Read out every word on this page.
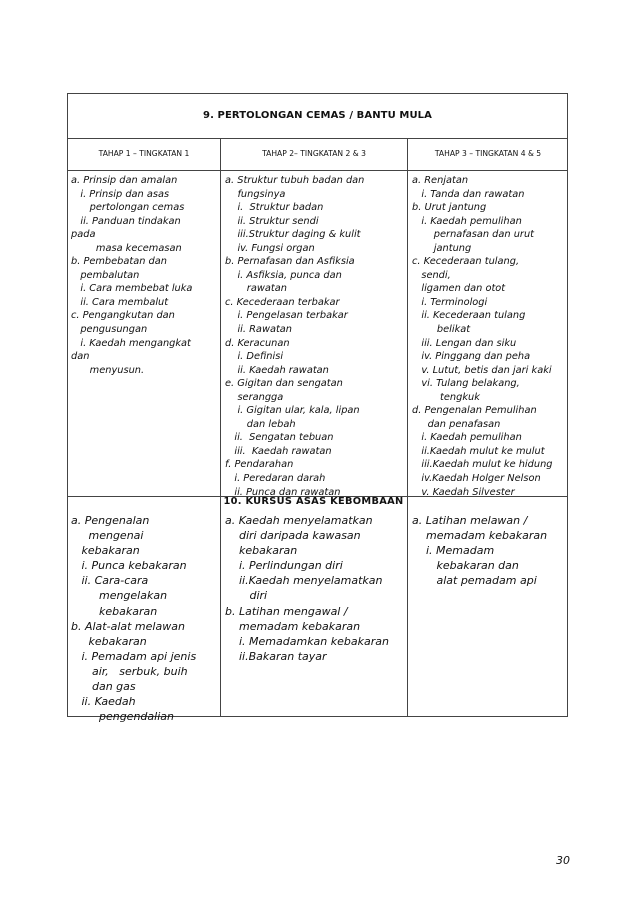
9. PERTOLONGAN CEMAS / BANTU MULA
TAHAP 1 – TINGKATAN 1	TAHAP 2– TINGKATAN 2 & 3	TAHAP 3 – TINGKATAN 4 & 5
a. Prinsip dan amalan
i. Prinsip dan asas
pertolongan cemas
ii. Panduan tindakan
pada
masa kecemasan
b. Pembebatan dan
pembalutan
i. Cara membebat luka
ii. Cara membalut
c. Pengangkutan dan
pengusungan
i. Kaedah mengangkat
dan
menyusun.
a. Struktur tubuh badan dan
fungsinya
i.  Struktur badan
ii. Struktur sendi
iii.Struktur daging & kulit
iv. Fungsi organ
b. Pernafasan dan Asfiksia
i. Asfiksia, punca dan
rawatan
c. Kecederaan terbakar
i. Pengelasan terbakar
ii. Rawatan
d. Keracunan
i. Definisi
ii. Kaedah rawatan
e. Gigitan dan sengatan
serangga
i. Gigitan ular, kala, lipan
dan lebah
ii.  Sengatan tebuan
iii.  Kaedah rawatan
f. Pendarahan
i. Peredaran darah
ii. Punca dan rawatan
a. Renjatan
i. Tanda dan rawatan
b. Urut jantung
i. Kaedah pemulihan
pernafasan dan urut
jantung
c. Kecederaan tulang,
sendi,
ligamen dan otot
i. Terminologi
ii. Kecederaan tulang
belikat
iii. Lengan dan siku
iv. Pinggang dan peha
v. Lutut, betis dan jari kaki
vi. Tulang belakang,
tengkuk
d. Pengenalan Pemulihan
dan penafasan
i. Kaedah pemulihan
ii.Kaedah mulut ke mulut
iii.Kaedah mulut ke hidung
iv.Kaedah Holger Nelson
v. Kaedah Silvester
10. KURSUS ASAS KEBOMBAAN
a. Pengenalan
mengenai
kebakaran
i. Punca kebakaran
ii. Cara-cara
mengelakan
kebakaran
b. Alat-alat melawan
kebakaran
i. Pemadam api jenis
air,   serbuk, buih
dan gas
ii. Kaedah
pengendalian
a. Kaedah menyelamatkan
diri daripada kawasan
kebakaran
i. Perlindungan diri
ii.Kaedah menyelamatkan
diri
b. Latihan mengawal /
memadam kebakaran
i. Memadamkan kebakaran
ii.Bakaran tayar
a. Latihan melawan /
memadam kebakaran
i. Memadam
kebakaran dan
alat pemadam api
30
